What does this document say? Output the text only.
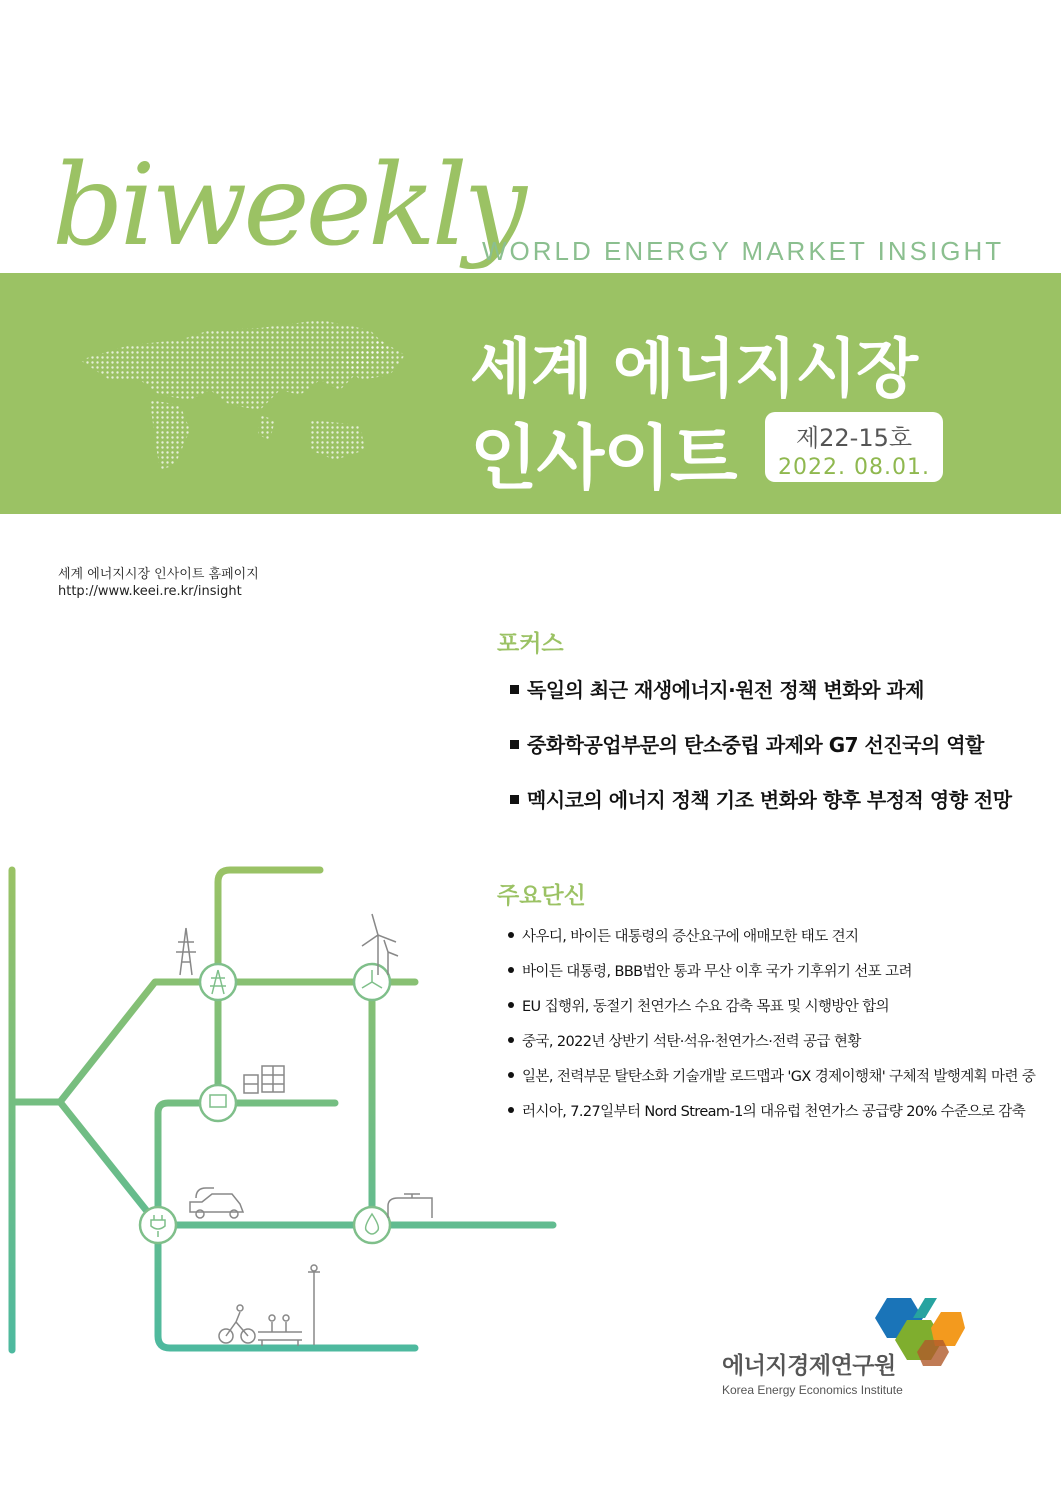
biweekly
WORLD ENERGY MARKET INSIGHT
세계 에너지시장
인사이트	제22-15호
2022. 08.01.
세계 에너지시장 인사이트 홈페이지
http://www.keei.re.kr/insight
포커스
독일의 최근 재생에너지·원전 정책 변화와 과제
중화학공업부문의 탄소중립 과제와 G7 선진국의 역할
멕시코의 에너지 정책 기조 변화와 향후 부정적 영향 전망
주요단신
사우디, 바이든 대통령의 증산요구에 애매모한 태도 견지
바이든 대통령, BBB법안 통과 무산 이후 국가 기후위기 선포 고려
EU 집행위, 동절기 천연가스 수요 감축 목표 및 시행방안 합의
중국, 2022년 상반기 석탄·석유·천연가스·전력 공급 현황
일본, 전력부문 탈탄소화 기술개발 로드맵과 'GX 경제이행채' 구체적 발행계획 마련 중
러시아, 7.27일부터 Nord Stream-1의 대유럽 천연가스 공급량 20% 수준으로 감축
에너지경제연구원
Korea Energy Economics Institute
